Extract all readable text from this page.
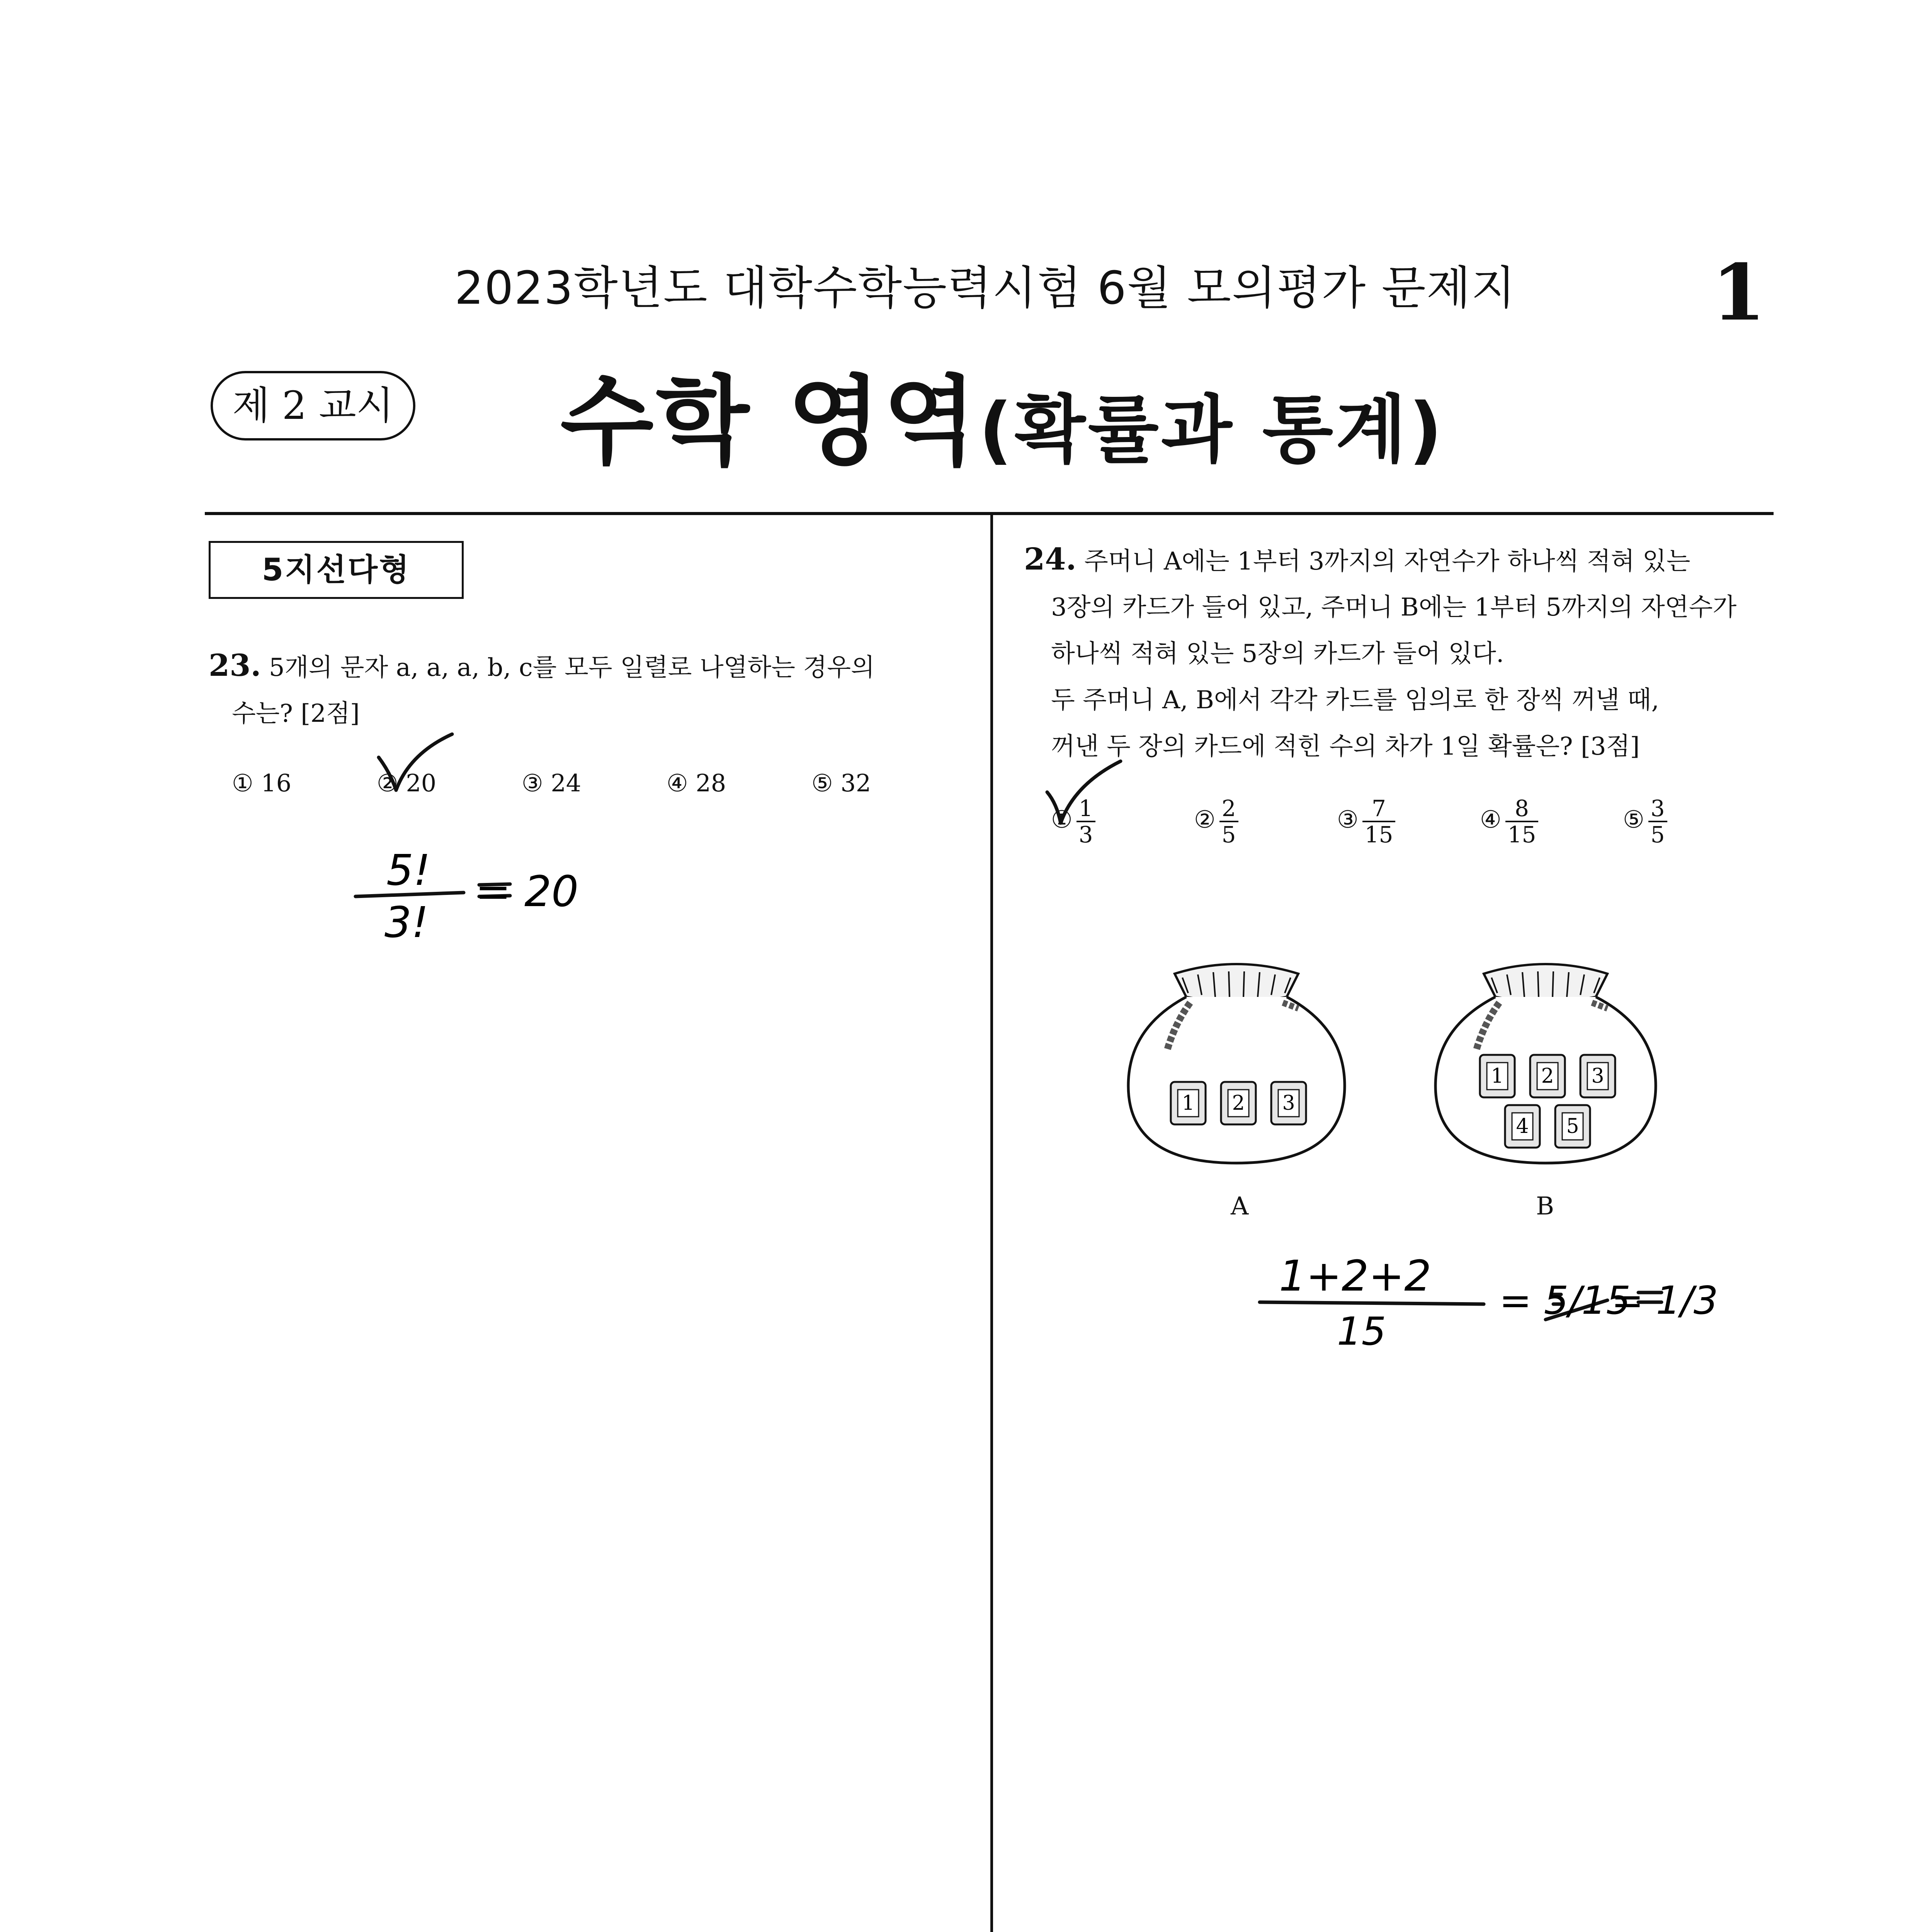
2023학년도 대학수학능력시험 6월 모의평가 문제지	1
제 2 교시 수학 영역(확률과 통계)
5지선다형
23. 5개의 문자 a, a, a, b, c를 모두 일렬로 나열하는 경우의
수는? [2점]
① 16	② 20	③ 24	④ 28	⑤ 32
5!
3!
= 20
24. 주머니 A에는 1부터 3까지의 자연수가 하나씩 적혀 있는
3장의 카드가 들어 있고, 주머니 B에는 1부터 5까지의 자연수가
하나씩 적혀 있는 5장의 카드가 들어 있다.
두 주머니 A, B에서 각각 카드를 임의로 한 장씩 꺼낼 때,
꺼낸 두 장의 카드에 적힌 수의 차가 1일 확률은? [3점]
① $\frac{1}{3}$	② $\frac{2}{5}$	③ $\frac{7}{15}$	④ $\frac{8}{15}$	⑤ $\frac{3}{5}$
1 2 3
A
1 2 3
4 5
B
1+2+2
15
= 5/15
= 1/3
